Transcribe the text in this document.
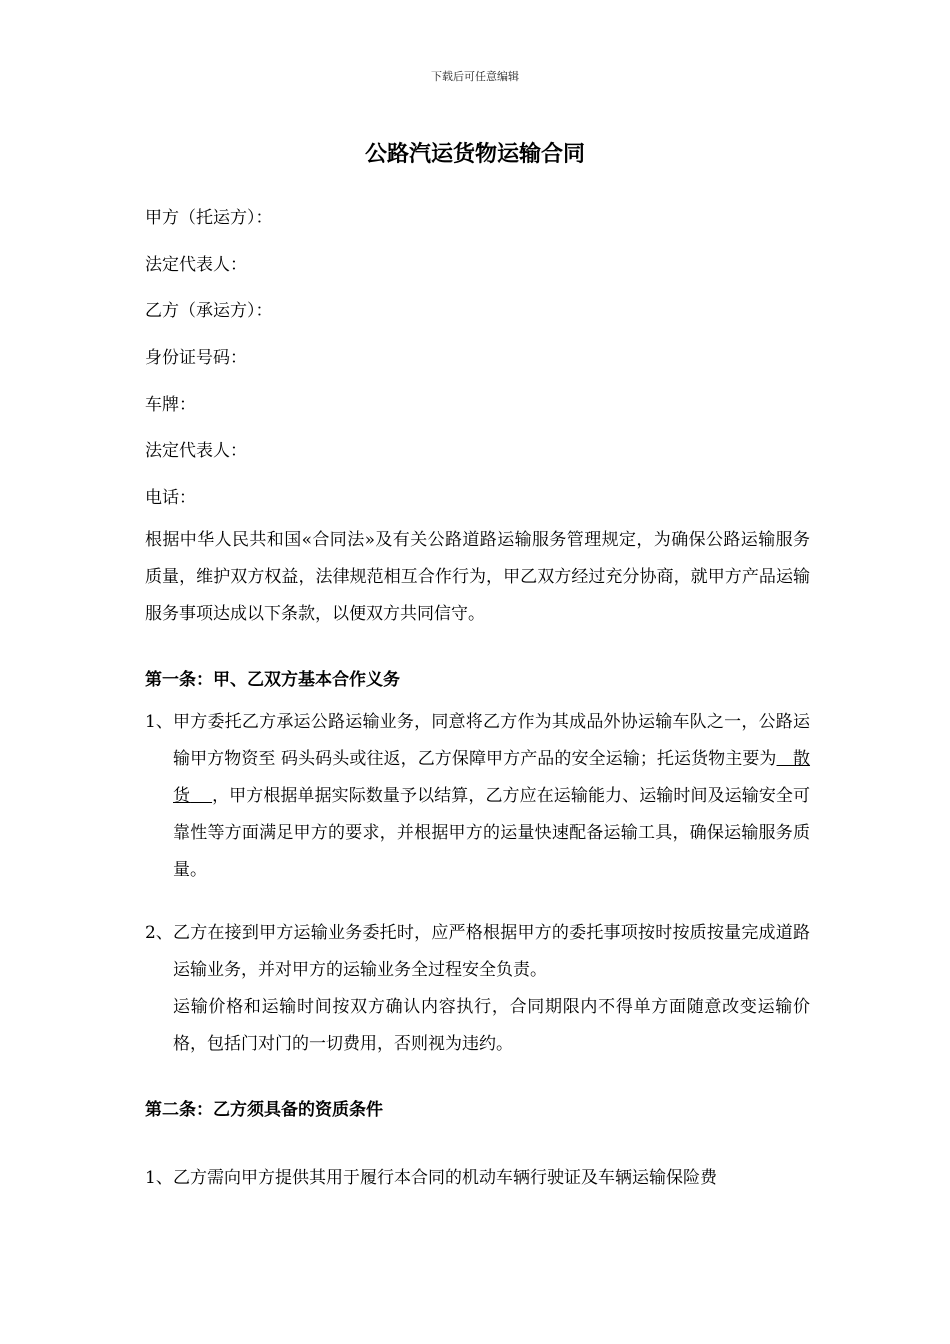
下载后可任意编辑
公路汽运货物运输合同
甲方（托运方）：
法定代表人：
乙方（承运方）：
身份证号码：
车牌：
法定代表人：
电话：
根据中华人民共和国«合同法»及有关公路道路运输服务管理规定，为确保公路运输服务质量，维护双方权益，法律规范相互合作行为，甲乙双方经过充分协商，就甲方产品运输服务事项达成以下条款，以便双方共同信守。
第一条：甲、乙双方基本合作义务
1、 甲方委托乙方承运公路运输业务，同意将乙方作为其成品外协运输车队之一，公路运输甲方物资至 码头码头或往返，乙方保障甲方产品的安全运输；托运货物主要为 散货 ，甲方根据单据实际数量予以结算，乙方应在运输能力、运输时间及运输安全可靠性等方面满足甲方的要求，并根据甲方的运量快速配备运输工具，确保运输服务质量。
2、 乙方在接到甲方运输业务委托时，应严格根据甲方的委托事项按时按质按量完成道路运输业务，并对甲方的运输业务全过程安全负责。
运输价格和运输时间按双方确认内容执行，合同期限内不得单方面随意改变运输价格，包括门对门的一切费用，否则视为违约。
第二条：乙方须具备的资质条件
1、 乙方需向甲方提供其用于履行本合同的机动车辆行驶证及车辆运输保险费
